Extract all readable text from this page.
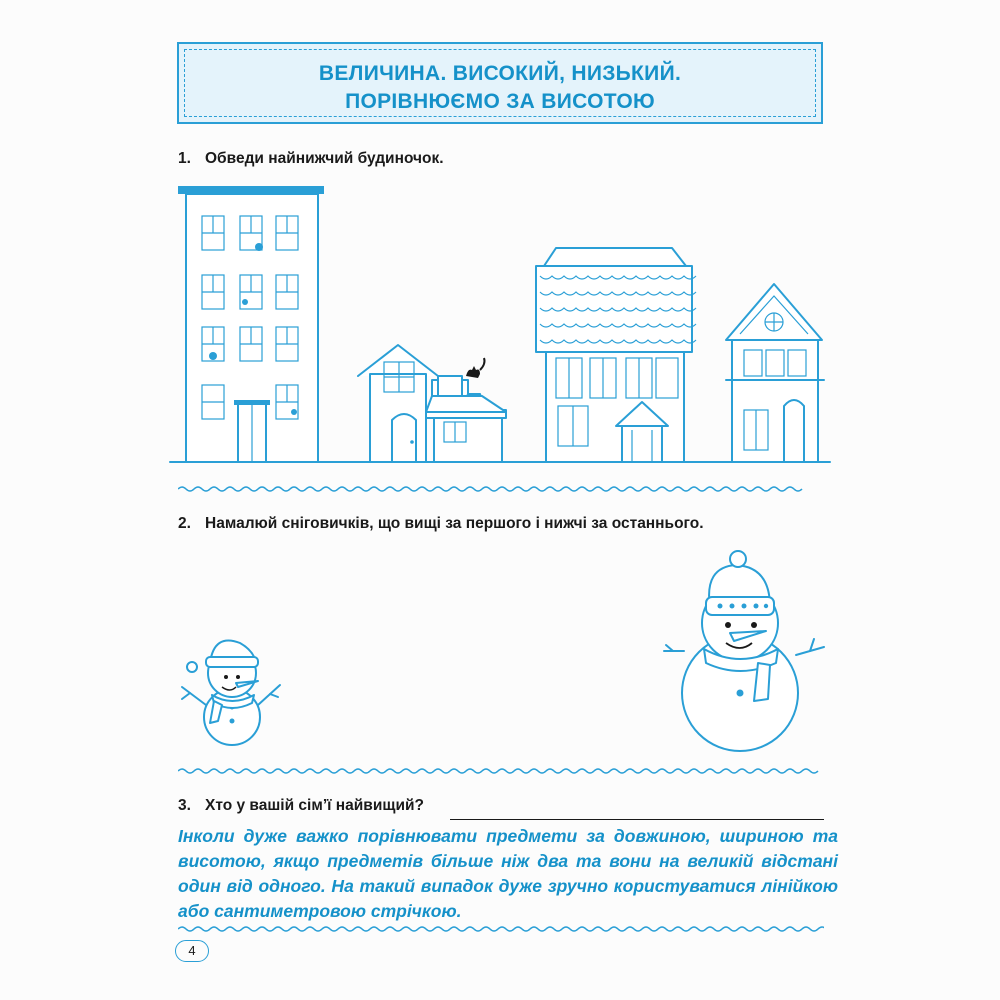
ВЕЛИЧИНА. ВИСОКИЙ, НИЗЬКИЙ.
ПОРІВНЮЄМО ЗА ВИСОТОЮ
1. Обведи найнижчий будиночок.
2. Намалюй сніговичків, що вищі за першого і нижчі за останнього.
3. Хто у вашій сім’ї найвищий?
Інколи дуже важко порівнювати предмети за довжиною, шириною та висотою, якщо предметів більше ніж два та вони на великій відстані один від одного. На такий випадок дуже зручно користуватися лінійкою або сантиметровою стрічкою.
4
